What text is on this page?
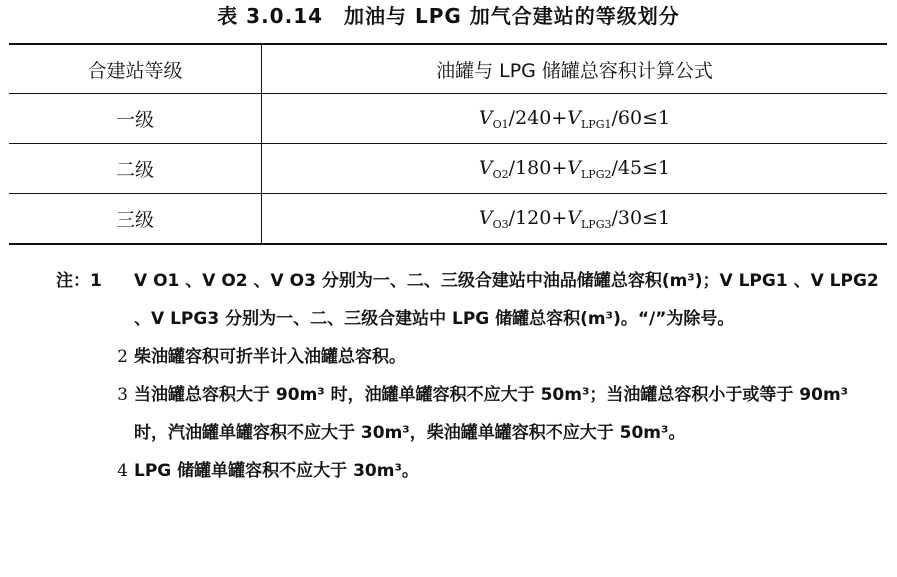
表 3.0.14　加油与 LPG 加气合建站的等级划分
合建站等级	油罐与 LPG 储罐总容积计算公式
一级	$V_{O1}/240+V_{LPG1}/60\le 1$
二级	$V_{O2}/180+V_{LPG2}/45\le 1$
三级	$V_{O3}/120+V_{LPG3}/30\le 1$

注：1	V O1 、V O2 、V O3 分别为一、二、三级合建站中油品储罐总容积(m³)；V LPG1 、V LPG2 、V LPG3 分别为一、二、三级合建站中 LPG 储罐总容积(m³)。“/”为除号。

2 柴油罐容积可折半计入油罐总容积。

3 当油罐总容积大于 90m³ 时，油罐单罐容积不应大于 50m³；当油罐总容积小于或等于 90m³ 时，汽油罐单罐容积不应大于 30m³，柴油罐单罐容积不应大于 50m³。

4 LPG 储罐单罐容积不应大于 30m³。
